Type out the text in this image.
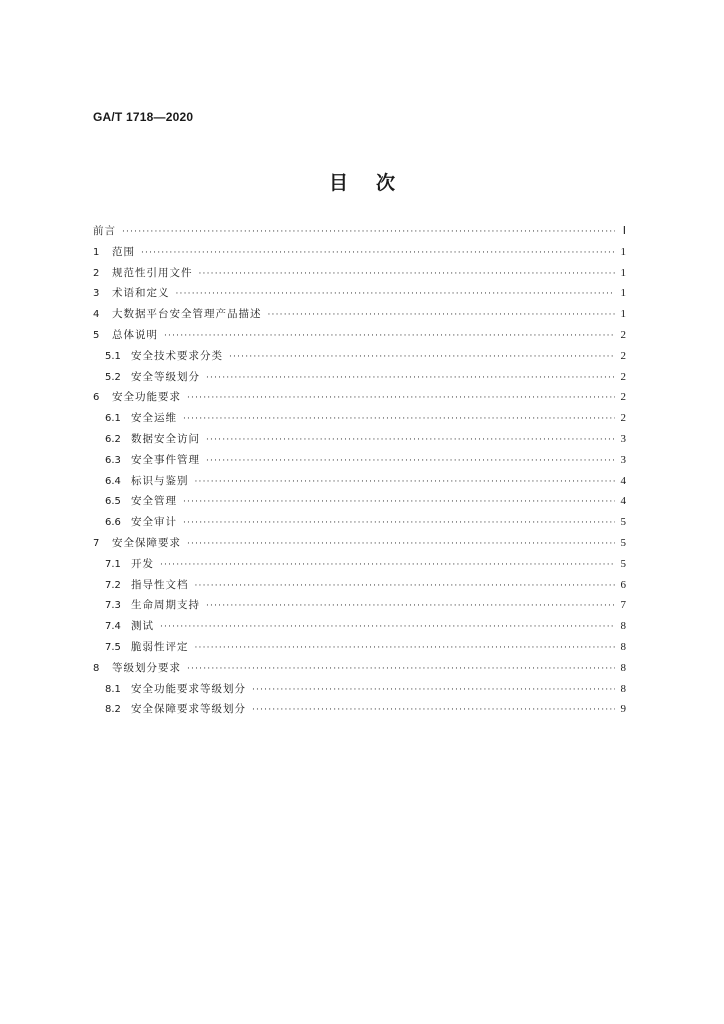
GA/T 1718—2020
目次
前言 ·····	Ⅰ
1	范围 ·····	1
2	规范性引用文件 ·····	1
3	术语和定义 ·····	1
4	大数据平台安全管理产品描述 ·····	1
5	总体说明 ·····	2
5.1 安全技术要求分类 ·····	2
5.2 安全等级划分 ·····	2
6	安全功能要求 ·····	2
6.1 安全运维 ·····	2
6.2 数据安全访问 ·····	3
6.3 安全事件管理 ·····	3
6.4 标识与鉴别 ·····	4
6.5 安全管理 ·····	4
6.6 安全审计 ·····	5
7	安全保障要求 ·····	5
7.1 开发 ·····	5
7.2 指导性文档 ·····	6
7.3 生命周期支持 ·····	7
7.4 测试 ·····	8
7.5 脆弱性评定 ·····	8
8	等级划分要求 ·····	8
8.1 安全功能要求等级划分 ·····	8
8.2 安全保障要求等级划分 ·····	9
